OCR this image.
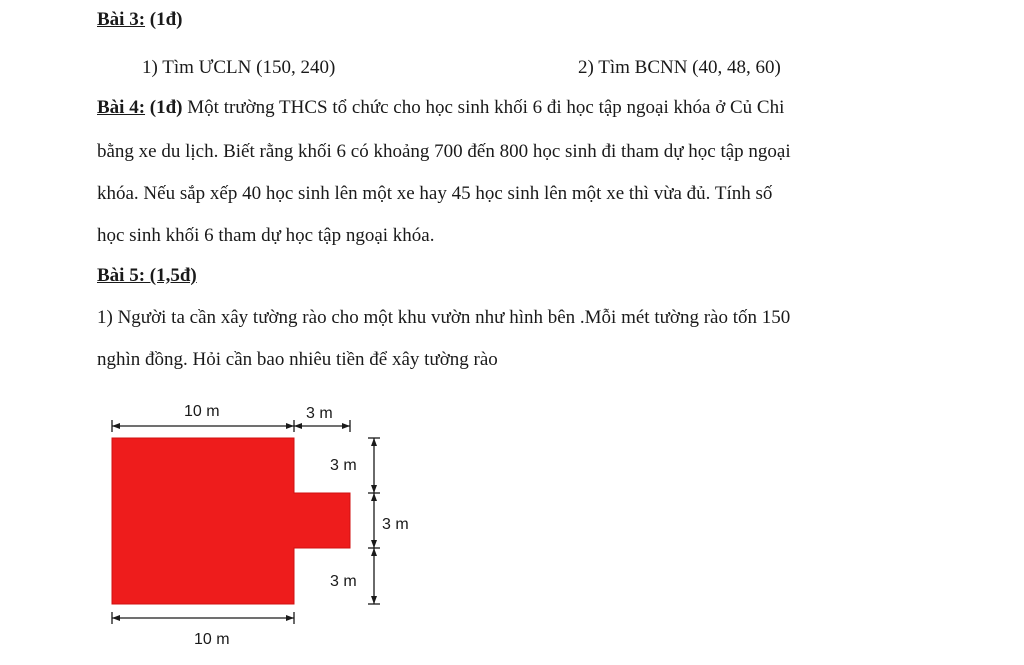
Bài 3: (1đ)
1) Tìm ƯCLN (150, 240)	2) Tìm BCNN (40, 48, 60)
Bài 4: (1đ) Một trường THCS tổ chức cho học sinh khối 6 đi học tập ngoại khóa ở Củ Chi
bằng xe du lịch. Biết rằng khối 6 có khoảng 700 đến 800 học sinh đi tham dự học tập ngoại
khóa. Nếu sắp xếp 40 học sinh lên một xe hay 45 học sinh lên một xe thì vừa đủ. Tính số
học sinh khối 6 tham dự học tập ngoại khóa.
Bài 5: (1,5đ)
1) Người ta cần xây tường rào cho một khu vườn như hình bên .Mỗi mét tường rào tốn 150
nghìn đồng. Hỏi cần bao nhiêu tiền để xây tường rào
10 m	3 m
3 m
3 m
3 m
10 m
